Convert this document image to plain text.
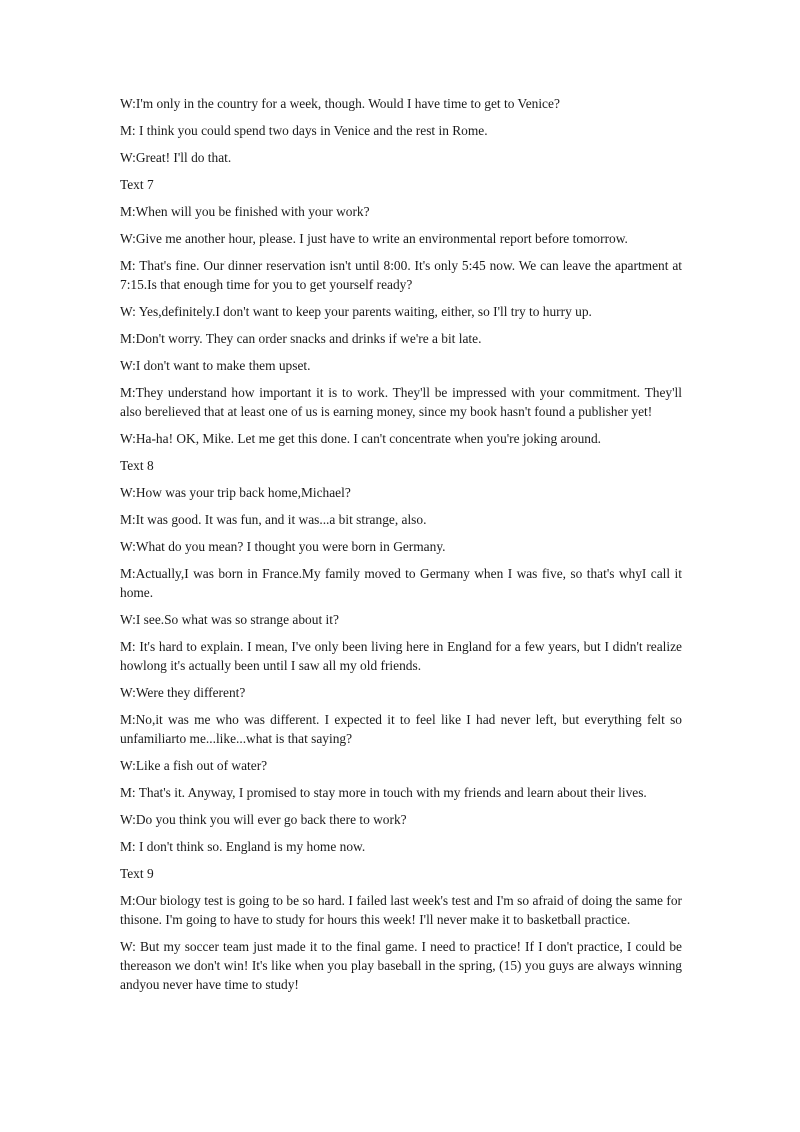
W:I'm only in the country for a week, though. Would I have time to get to Venice?

M: I think you could spend two days in Venice and the rest in Rome.

W:Great! I'll do that.

Text 7

M:When will you be finished with your work?

W:Give me another hour, please. I just have to write an environmental report before tomorrow.

M: That's fine. Our dinner reservation isn't until 8:00. It's only 5:45 now. We can leave the apartment at 7:15.Is that enough time for you to get yourself ready?

W: Yes,definitely.I don't want to keep your parents waiting, either, so I'll try to hurry up.

M:Don't worry. They can order snacks and drinks if we're a bit late.

W:I don't want to make them upset.

M:They understand how important it is to work. They'll be impressed with your commitment. They'll also berelieved that at least one of us is earning money, since my book hasn't found a publisher yet!

W:Ha-ha! OK, Mike. Let me get this done. I can't concentrate when you're joking around.

Text 8

W:How was your trip back home,Michael?

M:It was good. It was fun, and it was...a bit strange, also.

W:What do you mean? I thought you were born in Germany.

M:Actually,I was born in France.My family moved to Germany when I was five, so that's whyI call it home.

W:I see.So what was so strange about it?

M: It's hard to explain. I mean, I've only been living here in England for a few years, but I didn't realize howlong it's actually been until I saw all my old friends.

W:Were they different?

M:No,it was me who was different. I expected it to feel like I had never left, but everything felt so unfamiliarto me...like...what is that saying?

W:Like a fish out of water?

M: That's it. Anyway, I promised to stay more in touch with my friends and learn about their lives.

W:Do you think you will ever go back there to work?

M: I don't think so. England is my home now.

Text 9

M:Our biology test is going to be so hard. I failed last week's test and I'm so afraid of doing the same for thisone. I'm going to have to study for hours this week! I'll never make it to basketball practice.

W: But my soccer team just made it to the final game. I need to practice! If I don't practice, I could be thereason we don't win! It's like when you play baseball in the spring, (15) you guys are always winning andyou never have time to study!
